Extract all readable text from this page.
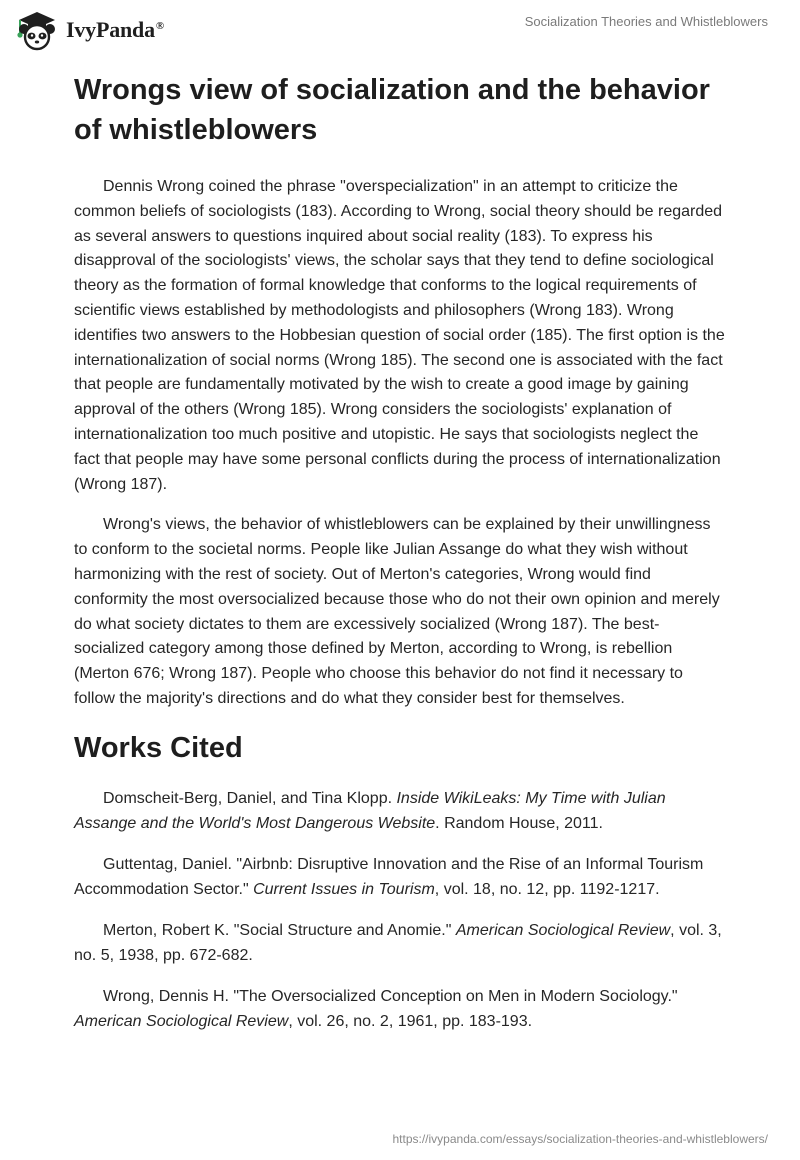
IvyPanda®	Socialization Theories and Whistleblowers
Wrongs view of socialization and the behavior of whistleblowers

Dennis Wrong coined the phrase "overspecialization" in an attempt to criticize the common beliefs of sociologists (183). According to Wrong, social theory should be regarded as several answers to questions inquired about social reality (183). To express his disapproval of the sociologists' views, the scholar says that they tend to define sociological theory as the formation of formal knowledge that conforms to the logical requirements of scientific views established by methodologists and philosophers (Wrong 183). Wrong identifies two answers to the Hobbesian question of social order (185). The first option is the internationalization of social norms (Wrong 185). The second one is associated with the fact that people are fundamentally motivated by the wish to create a good image by gaining approval of the others (Wrong 185). Wrong considers the sociologists' explanation of internationalization too much positive and utopistic. He says that sociologists neglect the fact that people may have some personal conflicts during the process of internationalization (Wrong 187).

Wrong's views, the behavior of whistleblowers can be explained by their unwillingness to conform to the societal norms. People like Julian Assange do what they wish without harmonizing with the rest of society. Out of Merton's categories, Wrong would find conformity the most oversocialized because those who do not their own opinion and merely do what society dictates to them are excessively socialized (Wrong 187). The best-socialized category among those defined by Merton, according to Wrong, is rebellion (Merton 676; Wrong 187). People who choose this behavior do not find it necessary to follow the majority's directions and do what they consider best for themselves.

Works Cited

Domscheit-Berg, Daniel, and Tina Klopp. Inside WikiLeaks: My Time with Julian Assange and the World's Most Dangerous Website. Random House, 2011.

Guttentag, Daniel. "Airbnb: Disruptive Innovation and the Rise of an Informal Tourism Accommodation Sector." Current Issues in Tourism, vol. 18, no. 12, pp. 1192-1217.

Merton, Robert K. "Social Structure and Anomie." American Sociological Review, vol. 3, no. 5, 1938, pp. 672-682.

Wrong, Dennis H. "The Oversocialized Conception on Men in Modern Sociology." American Sociological Review, vol. 26, no. 2, 1961, pp. 183-193.

https://ivypanda.com/essays/socialization-theories-and-whistleblowers/
